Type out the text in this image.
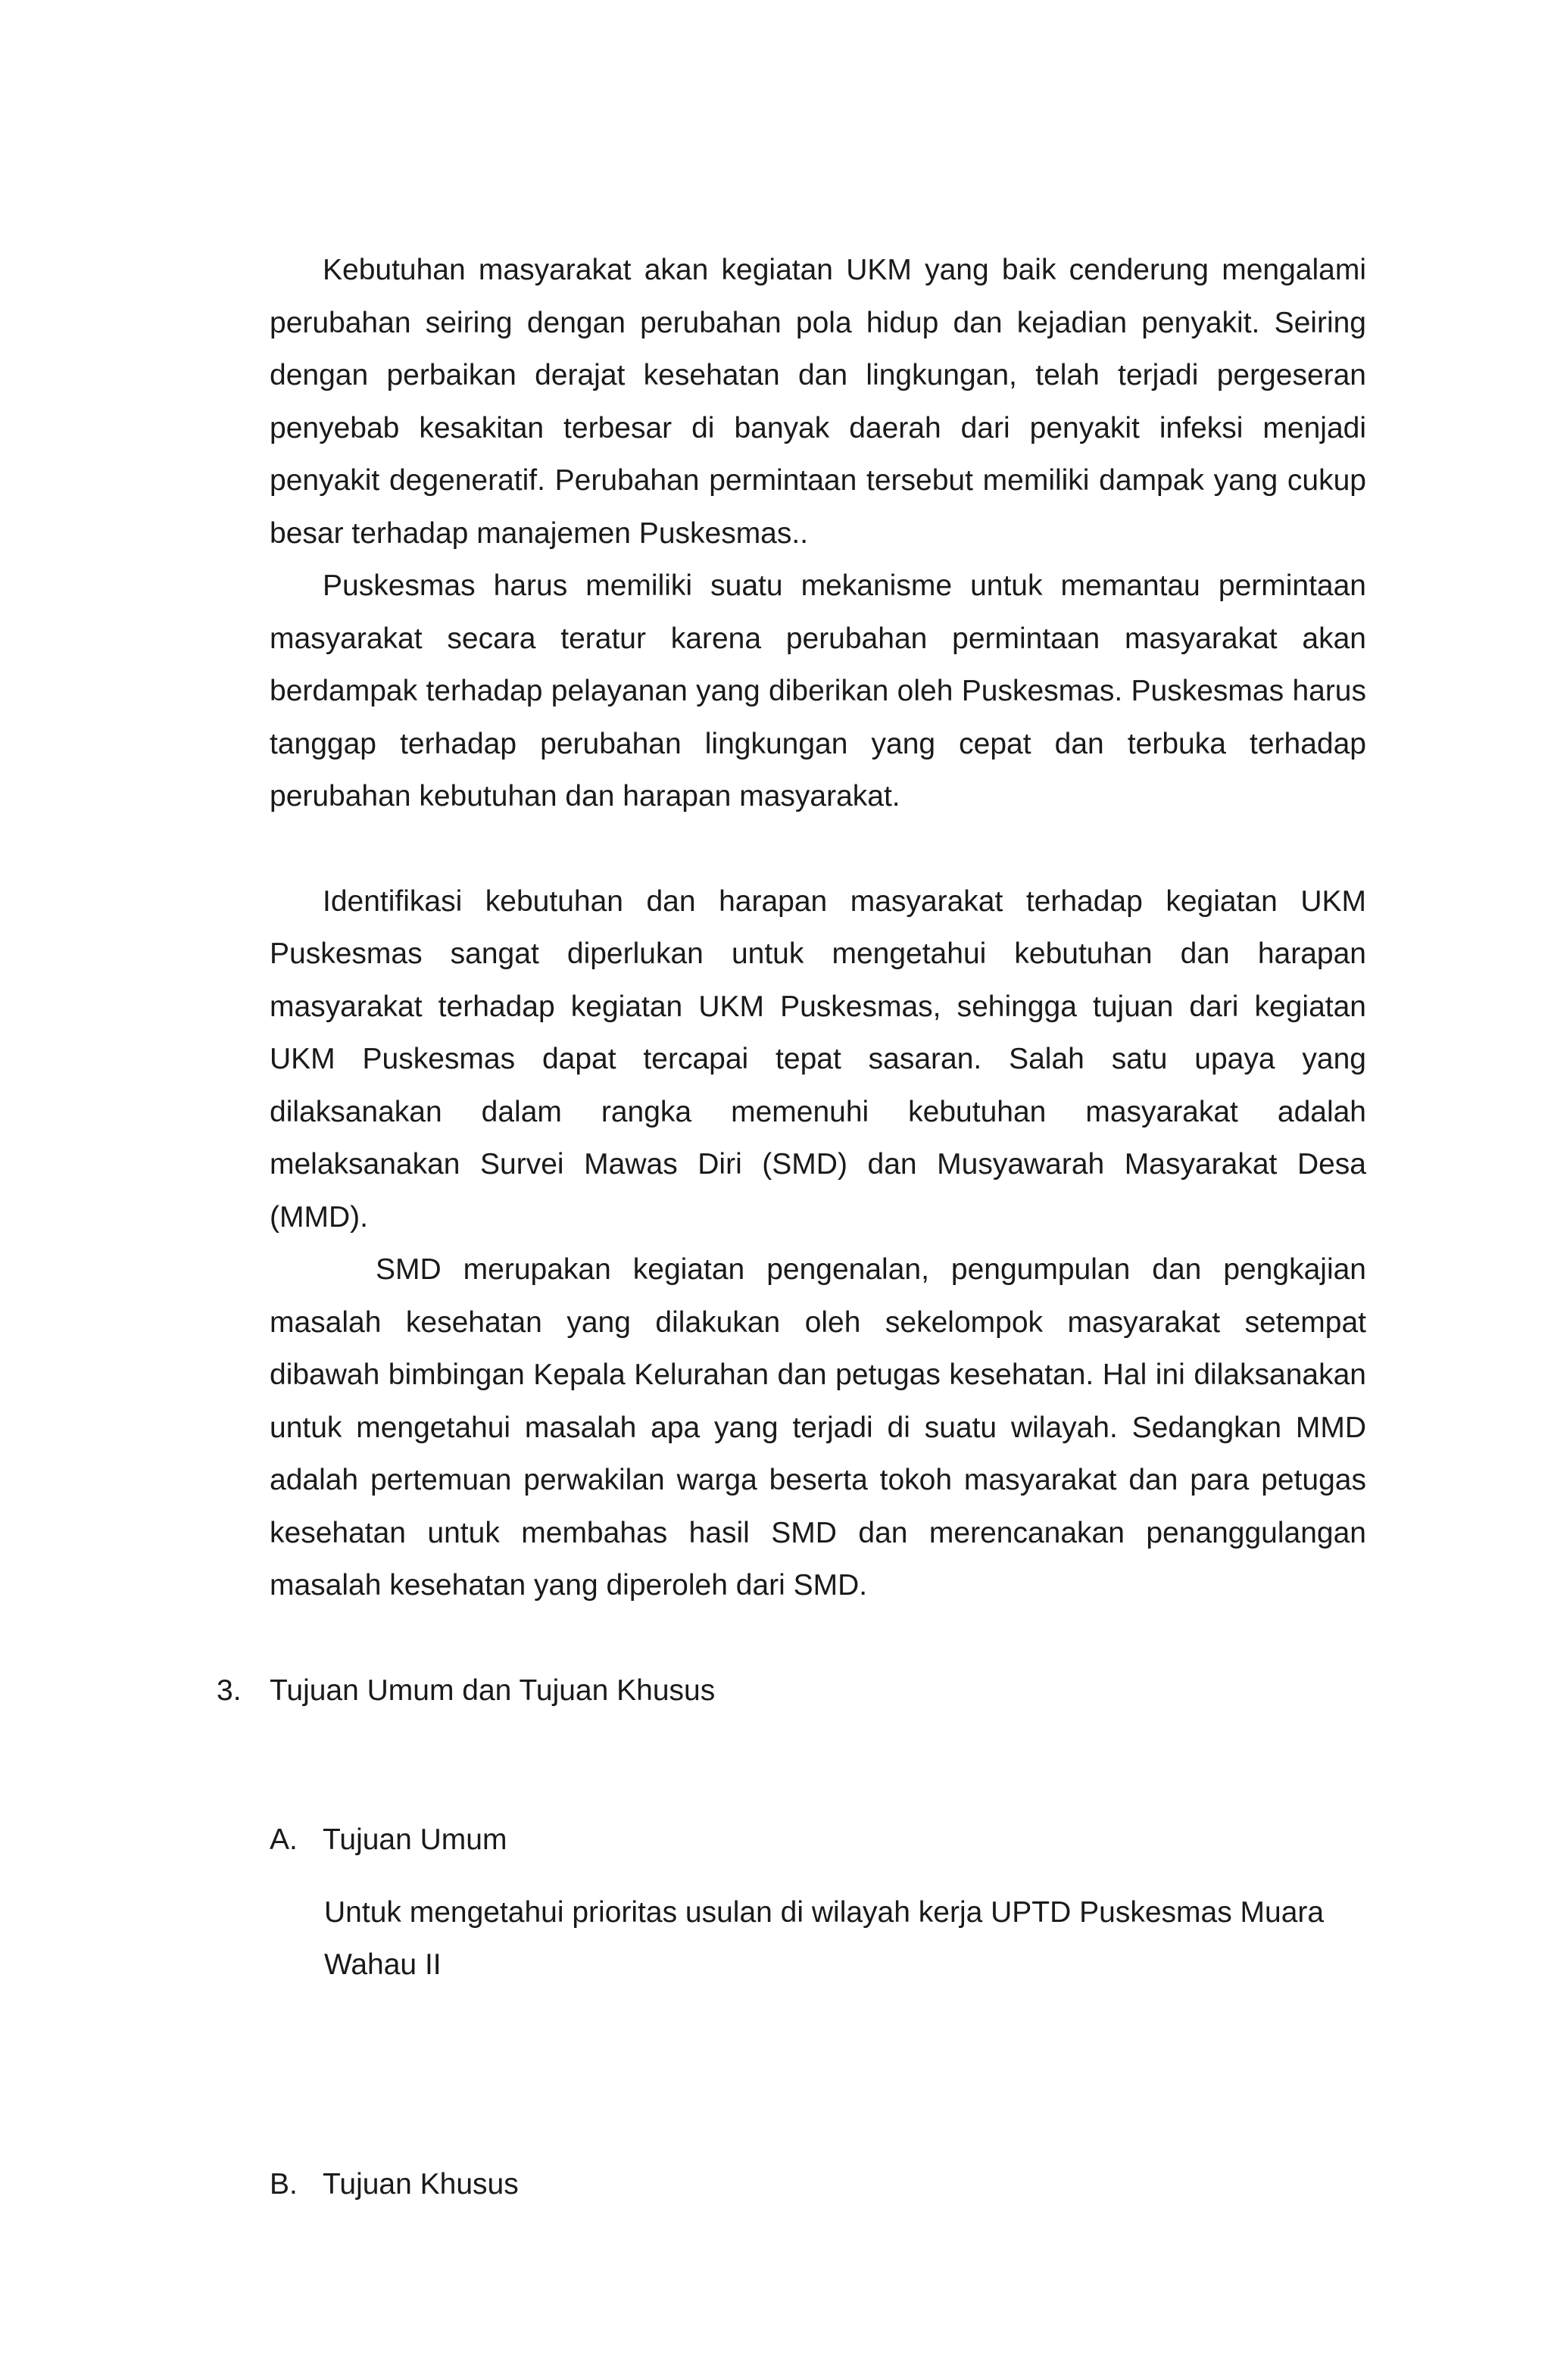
Kebutuhan masyarakat akan kegiatan UKM yang baik cenderung mengalami perubahan seiring dengan perubahan pola hidup dan kejadian penyakit. Seiring dengan perbaikan derajat kesehatan dan lingkungan, telah terjadi pergeseran penyebab kesakitan terbesar di banyak daerah dari penyakit infeksi menjadi penyakit degeneratif. Perubahan permintaan tersebut memiliki dampak yang cukup besar terhadap manajemen Puskesmas..

Puskesmas harus memiliki suatu mekanisme untuk memantau permintaan masyarakat secara teratur karena perubahan permintaan masyarakat akan berdampak terhadap pelayanan yang diberikan oleh Puskesmas. Puskesmas harus tanggap terhadap perubahan lingkungan yang cepat dan terbuka terhadap perubahan kebutuhan dan harapan masyarakat.

Identifikasi kebutuhan dan harapan masyarakat terhadap kegiatan UKM Puskesmas sangat diperlukan untuk mengetahui kebutuhan dan harapan masyarakat terhadap kegiatan UKM Puskesmas, sehingga tujuan dari kegiatan UKM Puskesmas dapat tercapai tepat sasaran. Salah satu upaya yang dilaksanakan dalam rangka memenuhi kebutuhan masyarakat adalah melaksanakan Survei Mawas Diri (SMD) dan Musyawarah Masyarakat Desa (MMD).

SMD merupakan kegiatan pengenalan, pengumpulan dan pengkajian masalah kesehatan yang dilakukan oleh sekelompok masyarakat setempat dibawah bimbingan Kepala Kelurahan dan petugas kesehatan. Hal ini dilaksanakan untuk mengetahui masalah apa yang terjadi di suatu wilayah. Sedangkan MMD adalah pertemuan perwakilan warga beserta tokoh masyarakat dan para petugas kesehatan untuk membahas hasil SMD dan merencanakan penanggulangan masalah kesehatan yang diperoleh dari SMD.

3. Tujuan Umum dan Tujuan Khusus
A. Tujuan Umum
Untuk mengetahui prioritas usulan di wilayah kerja UPTD Puskesmas Muara Wahau II
B. Tujuan Khusus
